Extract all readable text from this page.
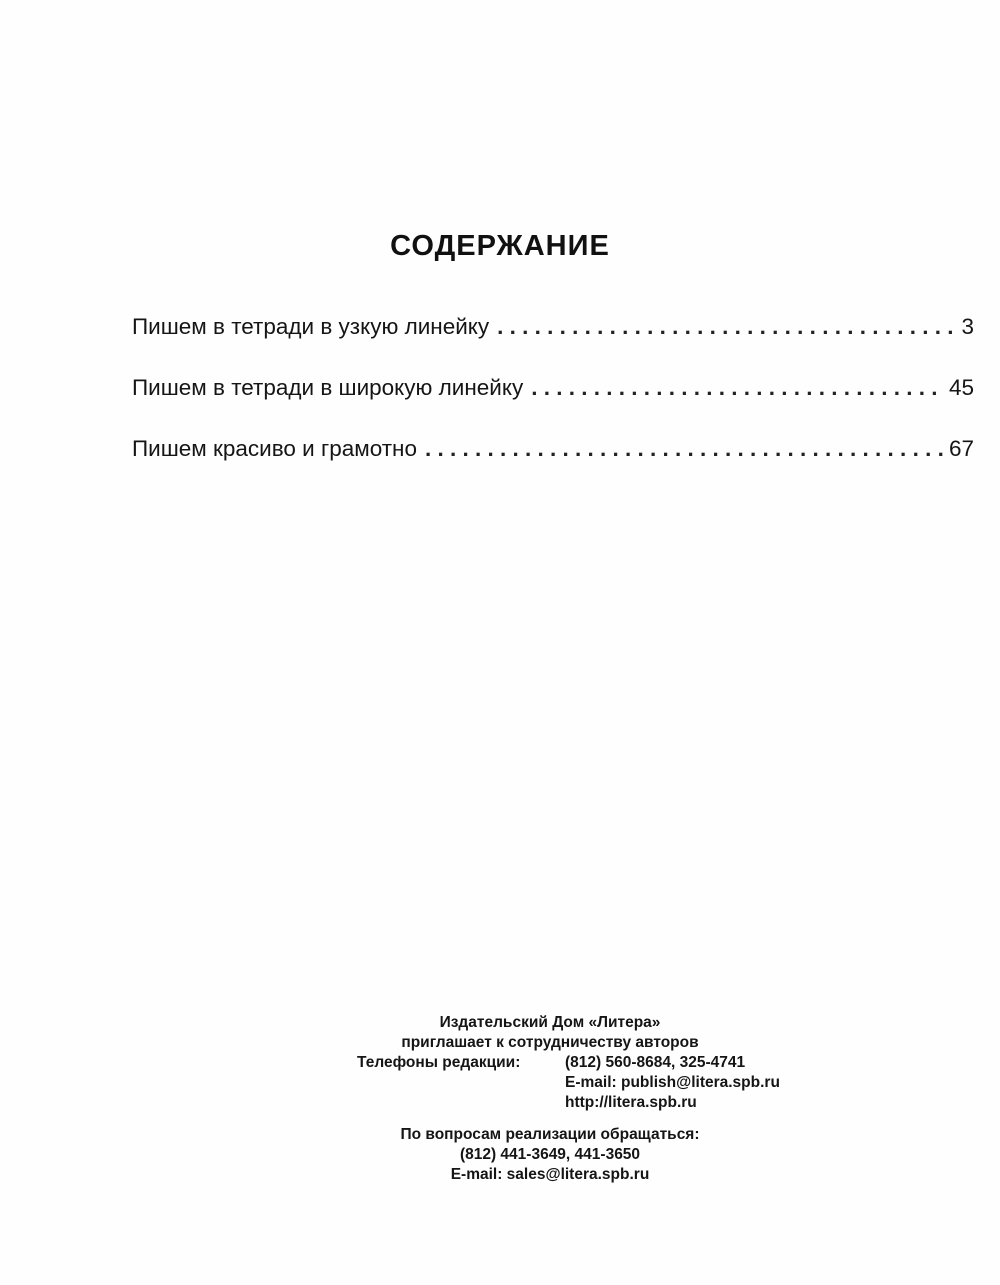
СОДЕРЖАНИЕ
Пишем в тетради в узкую линейку . . .	3
Пишем в тетради в широкую линейку . . .	45
Пишем красиво и грамотно . . .	67
Издательский Дом «Литера»
приглашает к сотрудничеству авторов
Телефоны редакции:	(812) 560-8684, 325-4741
E-mail: publish@litera.spb.ru
http://litera.spb.ru
По вопросам реализации обращаться:
(812) 441-3649, 441-3650
E-mail: sales@litera.spb.ru
